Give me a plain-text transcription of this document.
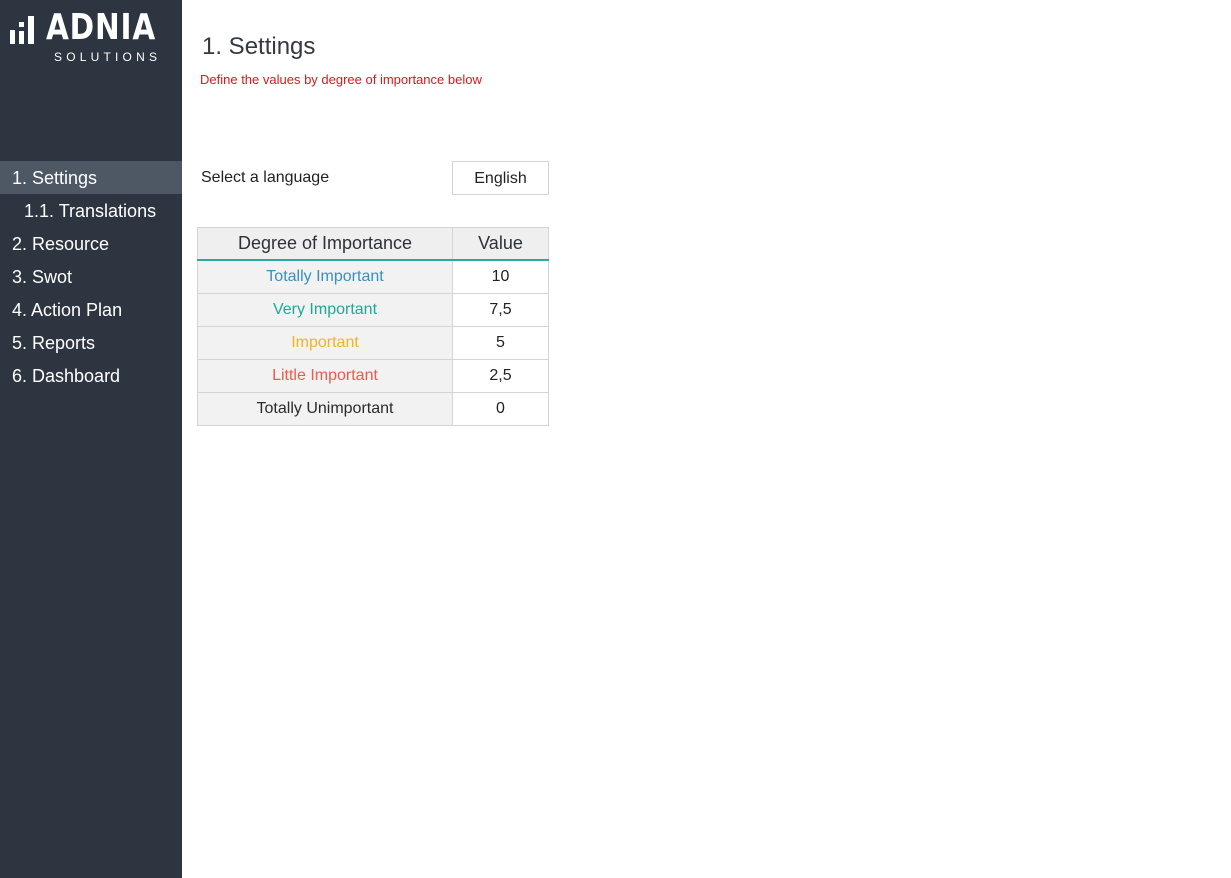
ADNIA
SOLUTIONS
1. Settings
1.1. Translations
2. Resource
3. Swot
4. Action Plan
5. Reports
6. Dashboard
1. Settings
Define the values by degree of importance below
Select a language	English
Degree of Importance	Value
Totally Important	10
Very Important	7,5
Important	5
Little Important	2,5
Totally Unimportant	0
